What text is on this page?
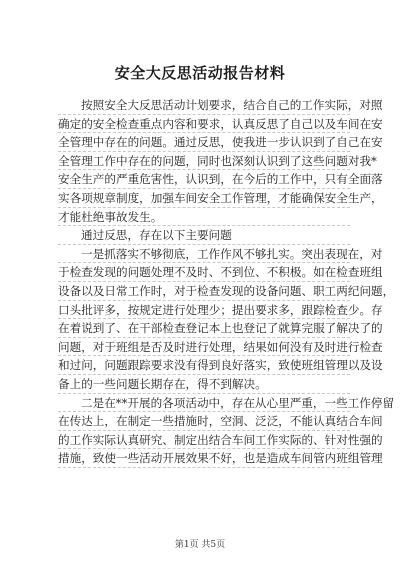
安全大反思活动报告材料

按照安全大反思活动计划要求，结合自己的工作实际，对照
确定的安全检查重点内容和要求，认真反思了自己以及车间在安
全管理中存在的问题。通过反思，使我进一步认识到了自己在安
全管理工作中存在的问题，同时也深刻认识到了这些问题对我*
安全生产的严重危害性，认识到，在今后的工作中，只有全面落
实各项规章制度，加强车间安全工作管理，才能确保安全生产，
才能杜绝事故发生。

通过反思，存在以下主要问题

一是抓落实不够彻底，工作作风不够扎实。突出表现在，对
于检查发现的问题处理不及时、不到位、不积极。如在检查班组
设备以及日常工作时，对于检查发现的设备问题、职工两纪问题，
口头批评多，按规定进行处理少；提出要求多，跟踪检查少。存
在着说到了、在干部检查登记本上也登记了就算完服了解决了的
问题，对于班组是否及时进行处理，结果如何没有及时进行检查
和过问，问题跟踪要求没有得到良好落实，致使班组管理以及设
备上的一些问题长期存在，得不到解决。

二是在**开展的各项活动中，存在从心里严重，一些工作停留
在传达上，在制定一些措施时，空洞、泛泛，不能认真结合车间
的工作实际认真研究、制定出结合车间工作实际的、针对性强的
措施，致使一些活动开展效果不好，也是造成车间管内班组管理

第1页 共5页
